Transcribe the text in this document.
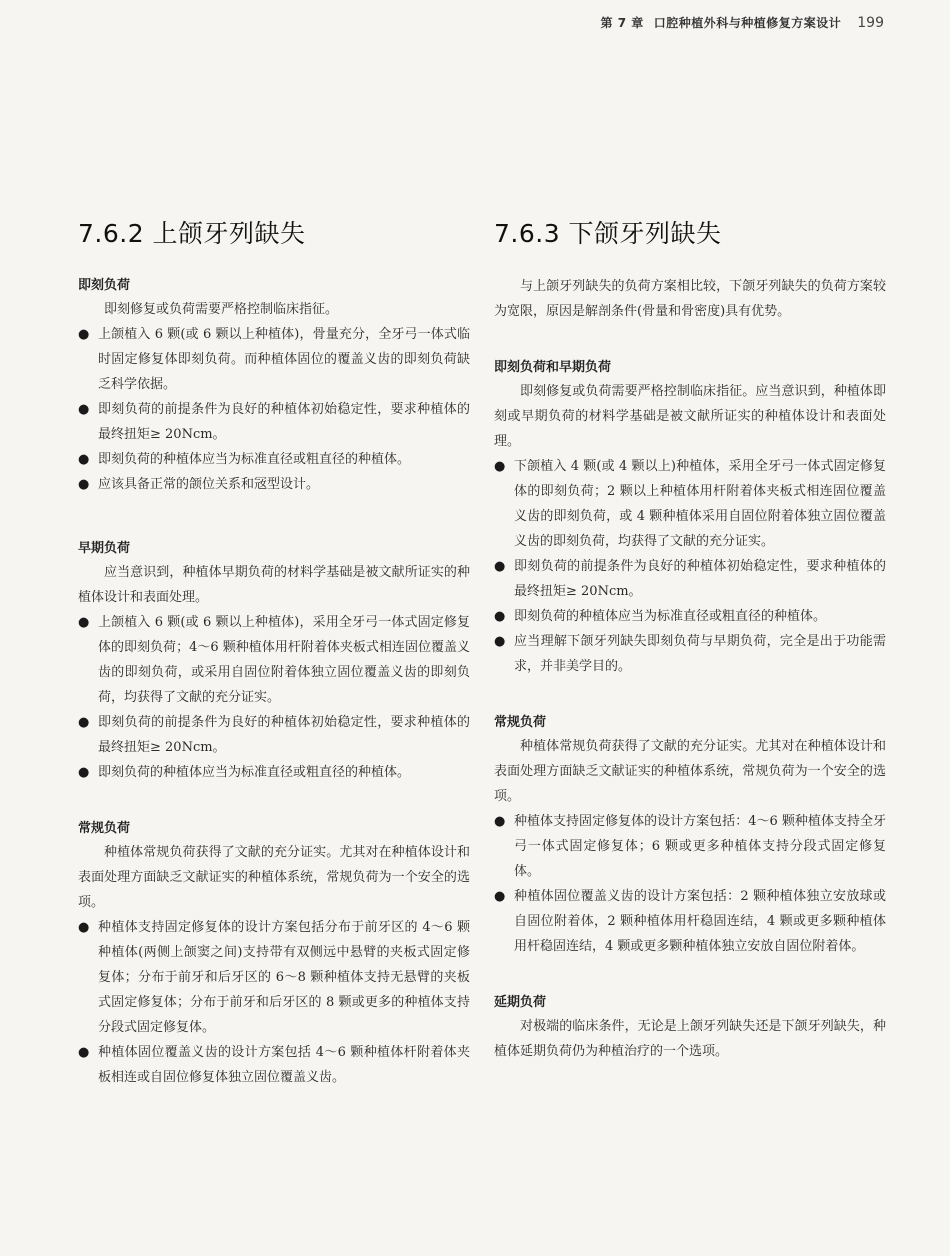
第 7 章 口腔种植外科与种植修复方案设计 199
7.6.2 上颌牙列缺失
即刻负荷

即刻修复或负荷需要严格控制临床指征。

● 上颌植入 6 颗(或 6 颗以上种植体)，骨量充分，全牙弓一体式临时固定修复体即刻负荷。而种植体固位的覆盖义齿的即刻负荷缺乏科学依据。
● 即刻负荷的前提条件为良好的种植体初始稳定性，要求种植体的最终扭矩≥ 20Ncm。
● 即刻负荷的种植体应当为标准直径或粗直径的种植体。
● 应该具备正常的颌位关系和㓂型设计。
早期负荷

应当意识到，种植体早期负荷的材料学基础是被文献所证实的种植体设计和表面处理。

● 上颌植入 6 颗(或 6 颗以上种植体)，采用全牙弓一体式固定修复体的即刻负荷；4～6 颗种植体用杆附着体夹板式相连固位覆盖义齿的即刻负荷，或采用自固位附着体独立固位覆盖义齿的即刻负荷，均获得了文献的充分证实。
● 即刻负荷的前提条件为良好的种植体初始稳定性，要求种植体的最终扭矩≥ 20Ncm。
● 即刻负荷的种植体应当为标准直径或粗直径的种植体。
常规负荷

种植体常规负荷获得了文献的充分证实。尤其对在种植体设计和表面处理方面缺乏文献证实的种植体系统，常规负荷为一个安全的选项。

● 种植体支持固定修复体的设计方案包括分布于前牙区的 4～6 颗种植体(两侧上颌窦之间)支持带有双侧远中悬臂的夹板式固定修复体；分布于前牙和后牙区的 6～8 颗种植体支持无悬臂的夹板式固定修复体；分布于前牙和后牙区的 8 颗或更多的种植体支持分段式固定修复体。
● 种植体固位覆盖义齿的设计方案包括 4～6 颗种植体杆附着体夹板相连或自固位修复体独立固位覆盖义齿。
7.6.3 下颌牙列缺失

与上颌牙列缺失的负荷方案相比较，下颌牙列缺失的负荷方案较为宽限，原因是解剖条件(骨量和骨密度)具有优势。

即刻负荷和早期负荷

即刻修复或负荷需要严格控制临床指征。应当意识到，种植体即刻或早期负荷的材料学基础是被文献所证实的种植体设计和表面处理。

● 下颌植入 4 颗(或 4 颗以上)种植体，采用全牙弓一体式固定修复体的即刻负荷；2 颗以上种植体用杆附着体夹板式相连固位覆盖义齿的即刻负荷，或 4 颗种植体采用自固位附着体独立固位覆盖义齿的即刻负荷，均获得了文献的充分证实。
● 即刻负荷的前提条件为良好的种植体初始稳定性，要求种植体的最终扭矩≥ 20Ncm。
● 即刻负荷的种植体应当为标准直径或粗直径的种植体。
● 应当理解下颌牙列缺失即刻负荷与早期负荷，完全是出于功能需求，并非美学目的。
常规负荷

种植体常规负荷获得了文献的充分证实。尤其对在种植体设计和表面处理方面缺乏文献证实的种植体系统，常规负荷为一个安全的选项。

● 种植体支持固定修复体的设计方案包括：4～6 颗种植体支持全牙弓一体式固定修复体；6 颗或更多种植体支持分段式固定修复体。
● 种植体固位覆盖义齿的设计方案包括：2 颗种植体独立安放球或自固位附着体，2 颗种植体用杆稳固连结，4 颗或更多颗种植体用杆稳固连结，4 颗或更多颗种植体独立安放自固位附着体。
延期负荷

对极端的临床条件，无论是上颌牙列缺失还是下颌牙列缺失，种植体延期负荷仍为种植治疗的一个选项。
